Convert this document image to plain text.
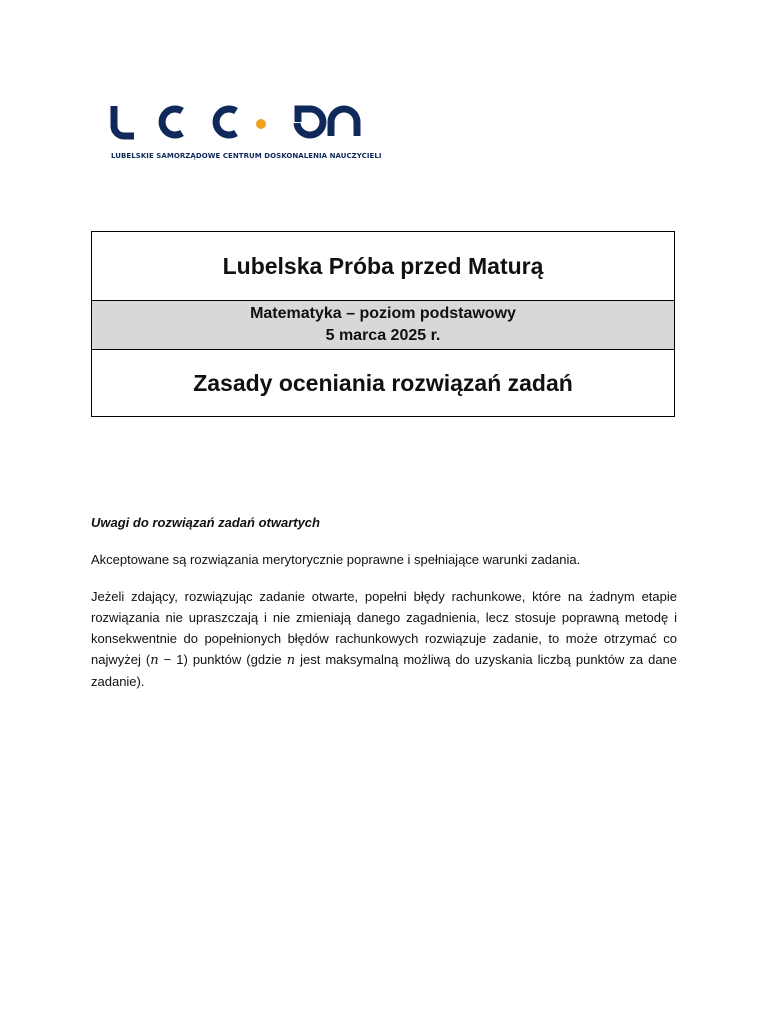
LUBELSKIE SAMORZĄDOWE CENTRUM DOSKONALENIA NAUCZYCIELI
Lubelska Próba przed Maturą
Matematyka – poziom podstawowy
5 marca 2025 r.
Zasady oceniania rozwiązań zadań

Uwagi do rozwiązań zadań otwartych

Akceptowane są rozwiązania merytorycznie poprawne i spełniające warunki zadania.

Jeżeli zdający, rozwiązując zadanie otwarte, popełni błędy rachunkowe, które na żadnym etapie rozwiązania nie upraszczają i nie zmieniają danego zagadnienia, lecz stosuje poprawną metodę i konsekwentnie do popełnionych błędów rachunkowych rozwiązuje zadanie, to może otrzymać co najwyżej (n − 1) punktów (gdzie n jest maksymalną możliwą do uzyskania liczbą punktów za dane zadanie).
